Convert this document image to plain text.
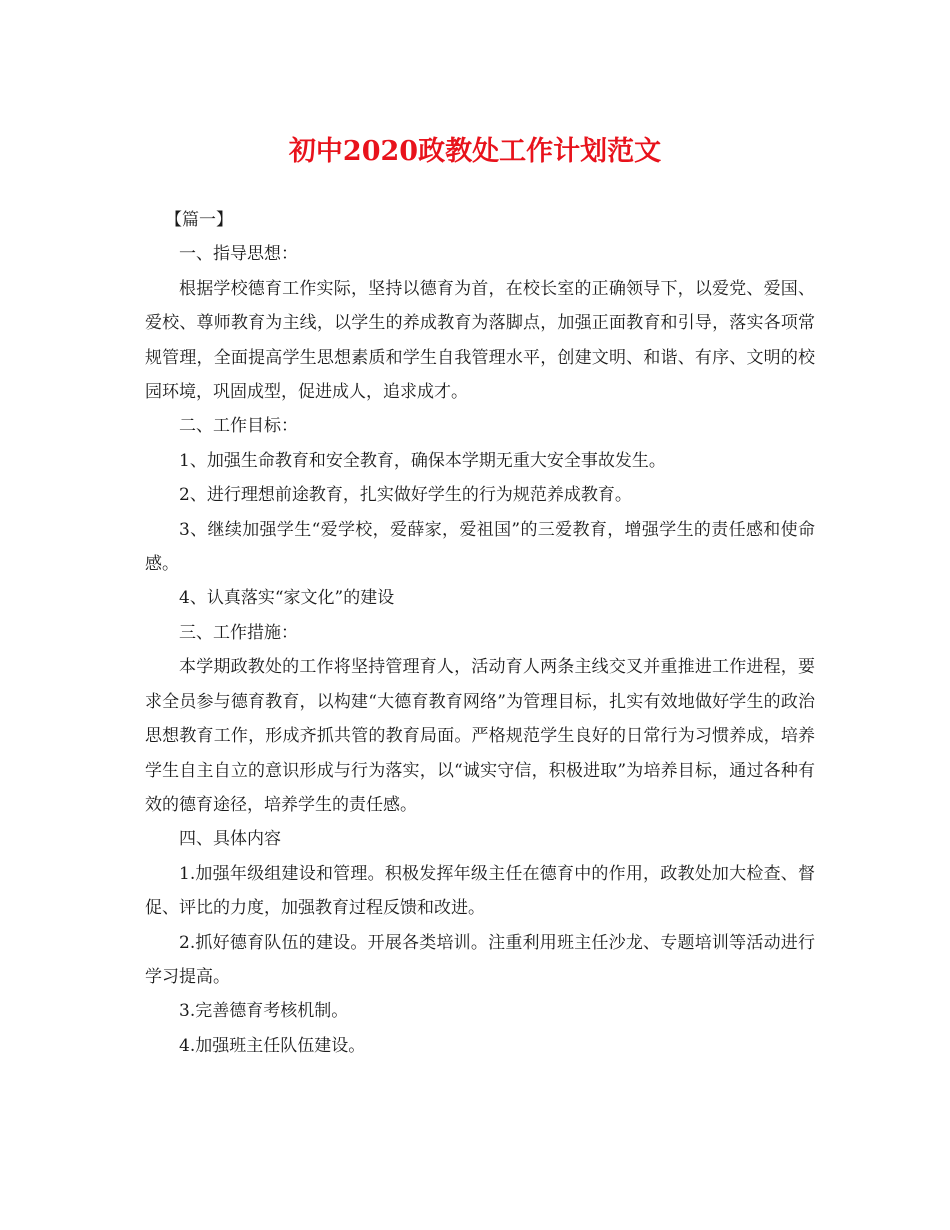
初中2020政教处工作计划范文

【篇一】

一、指导思想：

根据学校德育工作实际，坚持以德育为首，在校长室的正确领导下，以爱党、爱国、爱校、尊师教育为主线，以学生的养成教育为落脚点，加强正面教育和引导，落实各项常规管理，全面提高学生思想素质和学生自我管理水平，创建文明、和谐、有序、文明的校园环境，巩固成型，促进成人，追求成才。

二、工作目标：

1、加强生命教育和安全教育，确保本学期无重大安全事故发生。

2、进行理想前途教育，扎实做好学生的行为规范养成教育。

3、继续加强学生“爱学校，爱薛家，爱祖国”的三爱教育，增强学生的责任感和使命感。

4、认真落实“家文化”的建设

三、工作措施：

本学期政教处的工作将坚持管理育人，活动育人两条主线交叉并重推进工作进程，要求全员参与德育教育，以构建“大德育教育网络”为管理目标，扎实有效地做好学生的政治思想教育工作，形成齐抓共管的教育局面。严格规范学生良好的日常行为习惯养成，培养学生自主自立的意识形成与行为落实，以“诚实守信，积极进取”为培养目标，通过各种有效的德育途径，培养学生的责任感。

四、具体内容

1.加强年级组建设和管理。积极发挥年级主任在德育中的作用，政教处加大检查、督促、评比的力度，加强教育过程反馈和改进。

2.抓好德育队伍的建设。开展各类培训。注重利用班主任沙龙、专题培训等活动进行学习提高。

3.完善德育考核机制。

4.加强班主任队伍建设。
